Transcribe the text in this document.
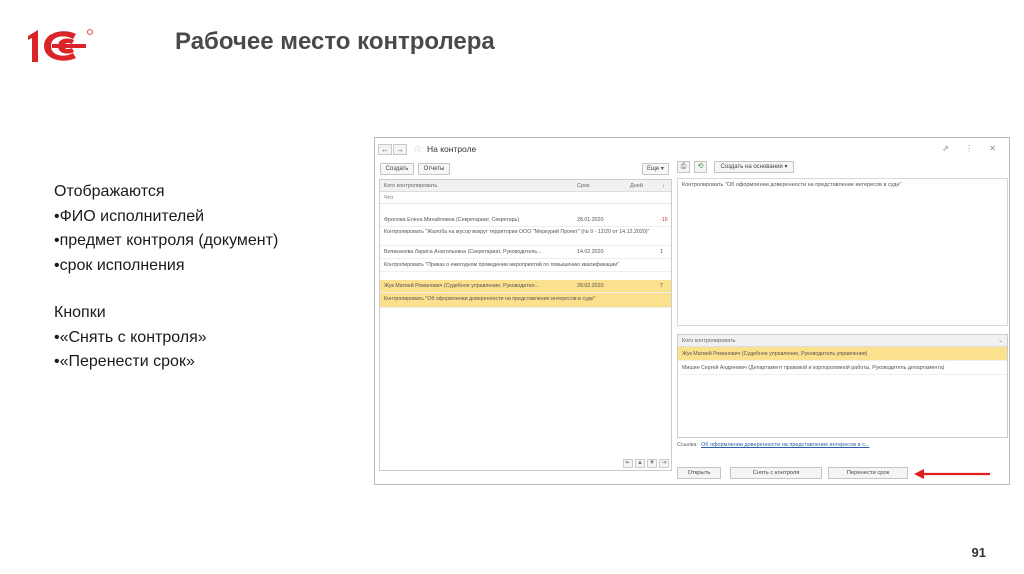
Рабочее место контролера
Отображаются
•ФИО исполнителей
•предмет контроля (документ)
•срок исполнения
Кнопки
•«Снять с контроля»
•«Перенести срок»
← → ☆ На контроле	⇗ ⋮ ✕
Создать	Отчеты	Еще ▾
Кого контролировать	Срок	Дней	↓
Что
Фролова Елена Михайловна (Секретариат, Секретарь)	28.01.2020	-16
Контролировать "Жалоба на мусор вокруг территории ООО "Меркурий Проект" (№ 9 - 12/20 от 14.12.2020)"
Великанова Лариса Анатольевна (Секретариат, Руководитель...	14.02.2020	1
Контролировать "Приказ о ежегодном проведении мероприятий по повышению квалификации"
Жук Матвей Романович (Судебное управление, Руководител...	28.02.2020	7
Контролировать "Об оформлении доверенности на представление интересов в суде"
⇤	▲	▼	⇥
⎙	⟲	Создать на основании ▾
Контролировать "Об оформлении доверенности на представление интересов в суде"
Кого контролировать	⌄
Жук Матвей Романович (Судебное управление, Руководитель управления)
Мишин Сергей Андреевич (Департамент правовой и корпоративной работы, Руководитель департамента)
Ссылка: Об оформлении доверенности на представление интересов в с...
Открыть	Снять с контроля	Перенести срок
91
